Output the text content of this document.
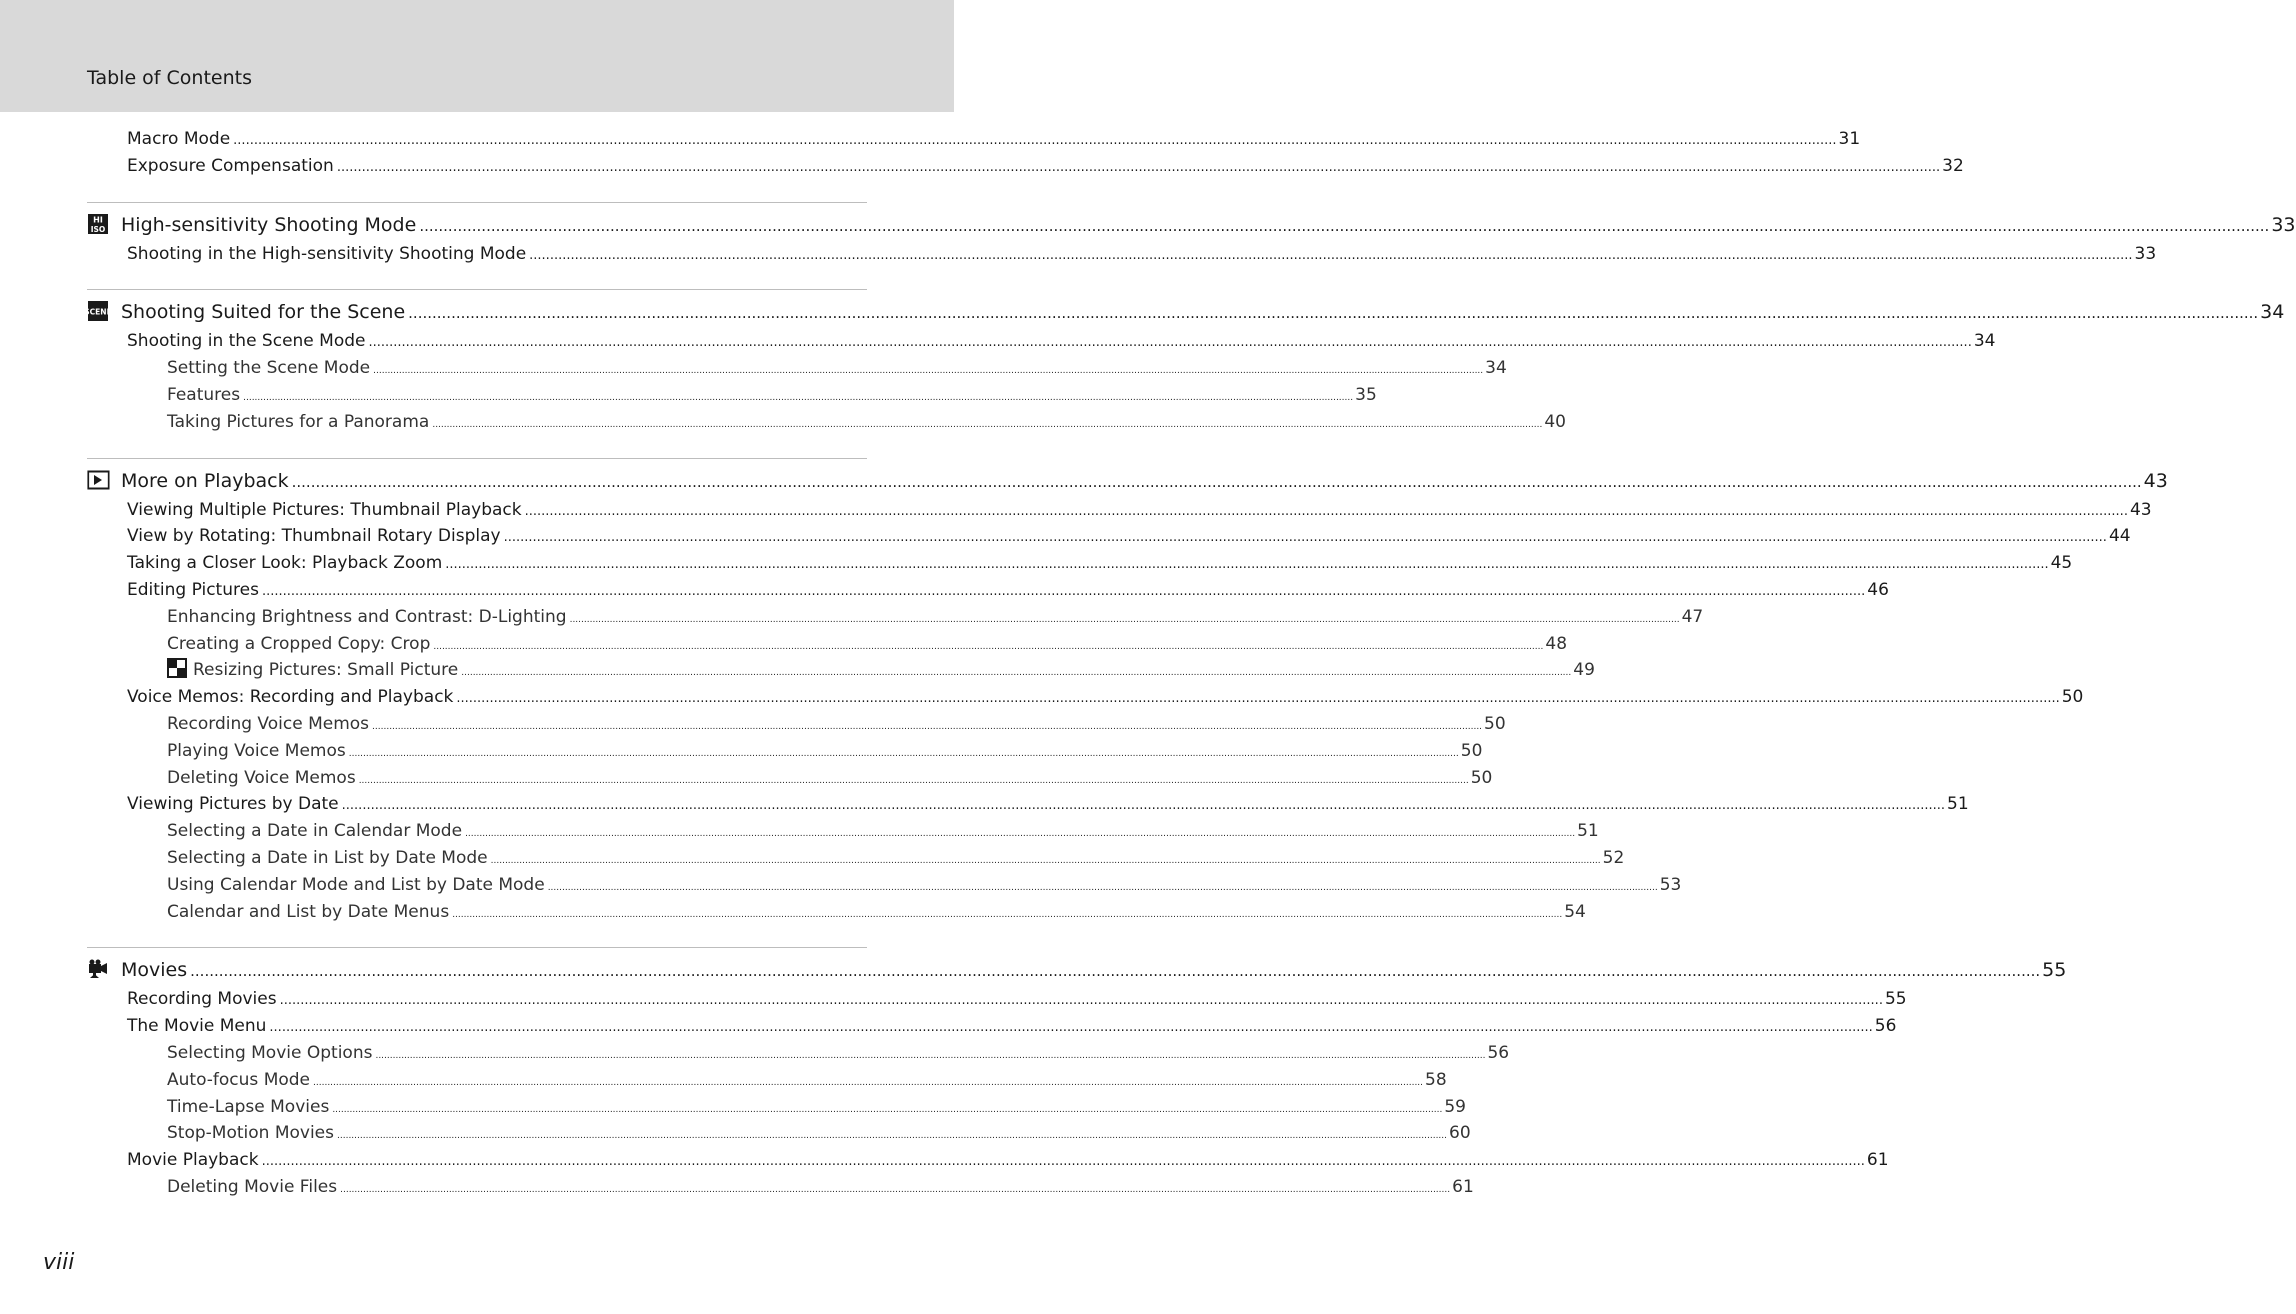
Table of Contents
Macro Mode .....	31
Exposure Compensation .....	32
HI
ISO High-sensitivity Shooting Mode .....	33
Shooting in the High-sensitivity Shooting Mode .....	33
SCENE Shooting Suited for the Scene .....	34
Shooting in the Scene Mode .....	34
Setting the Scene Mode .....	34
Features .....	35
Taking Pictures for a Panorama .....	40
More on Playback .....	43
Viewing Multiple Pictures: Thumbnail Playback .....	43
View by Rotating: Thumbnail Rotary Display .....	44
Taking a Closer Look: Playback Zoom .....	45
Editing Pictures .....	46
Enhancing Brightness and Contrast: D-Lighting .....	47
Creating a Cropped Copy: Crop .....	48
Resizing Pictures: Small Picture .....	49
Voice Memos: Recording and Playback .....	50
Recording Voice Memos .....	50
Playing Voice Memos .....	50
Deleting Voice Memos .....	50
Viewing Pictures by Date .....	51
Selecting a Date in Calendar Mode .....	51
Selecting a Date in List by Date Mode .....	52
Using Calendar Mode and List by Date Mode .....	53
Calendar and List by Date Menus .....	54
Movies .....	55
Recording Movies .....	55
The Movie Menu .....	56
Selecting Movie Options .....	56
Auto-focus Mode .....	58
Time-Lapse Movies .....	59
Stop-Motion Movies .....	60
Movie Playback .....	61
Deleting Movie Files .....	61
viii
